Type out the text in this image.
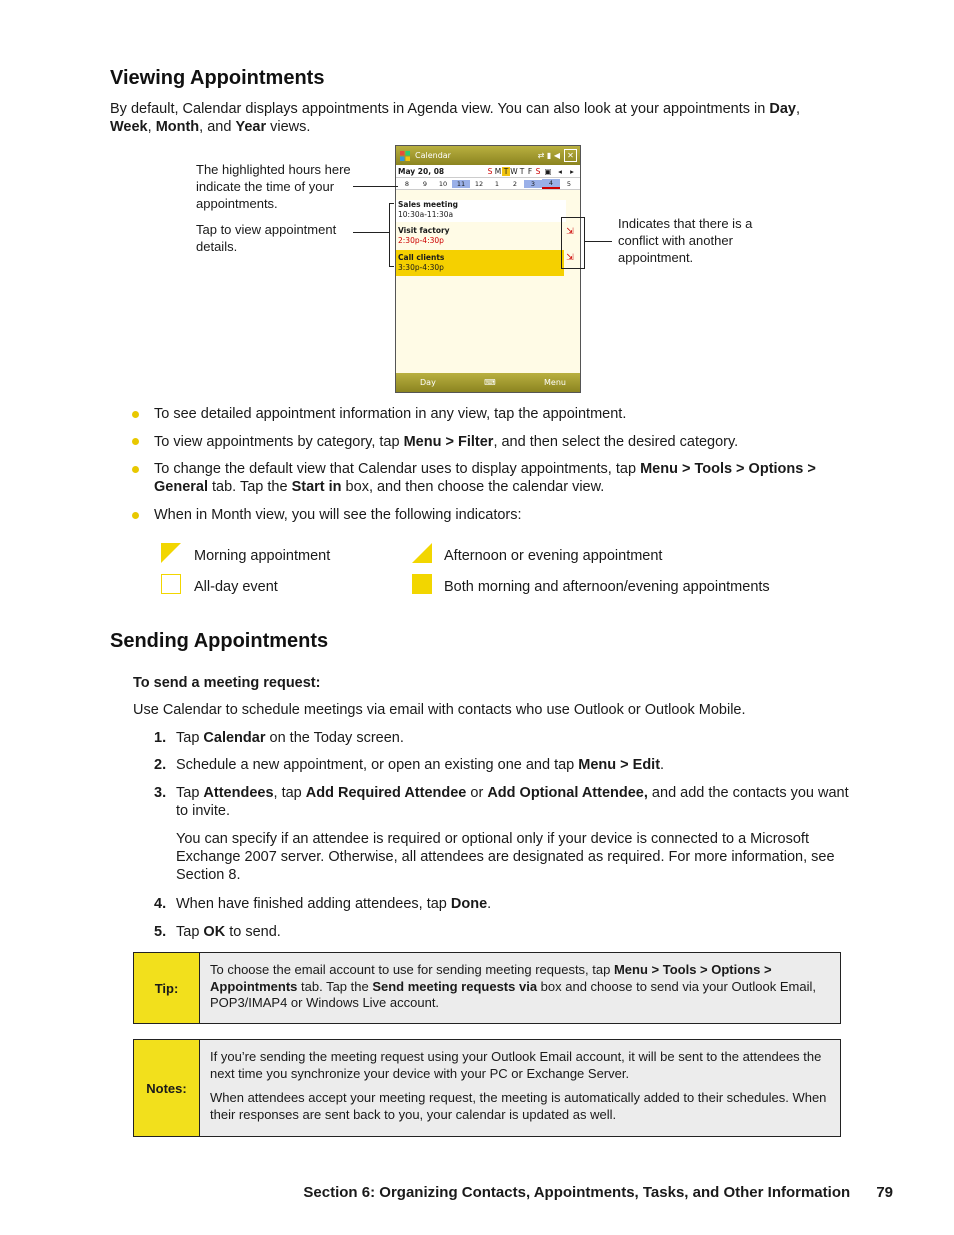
Viewing Appointments

By default, Calendar displays appointments in Agenda view. You can also look at your appointments in Day, Week, Month, and Year views.

Calendar	⇄ ▮ ◀ ✕
May 20, 08	S M T W T F S ▣ ◂	▸
8	9	10	11	12	1	2	3	4	5
Sales meeting
10:30a-11:30a
Visit factory
2:30p-4:30p
Call clients
3:30p-4:30p
⇲
⇲
Day	⌨	Menu
The highlighted hours here indicate the time of your appointments.
Tap to view appointment details.
Indicates that there is a conflict with another appointment.

To see detailed appointment information in any view, tap the appointment.

To view appointments by category, tap Menu > Filter, and then select the desired category.

To change the default view that Calendar uses to display appointments, tap Menu > Tools > Options > General tab. Tap the Start in box, and then choose the calendar view.

When in Month view, you will see the following indicators:

Morning appointment	Afternoon or evening appointment
All-day event	Both morning and afternoon/evening appointments
Sending Appointments

To send a meeting request:

Use Calendar to schedule meetings via email with contacts who use Outlook or Outlook Mobile.

1. Tap Calendar on the Today screen.

2. Schedule a new appointment, or open an existing one and tap Menu > Edit.

3. Tap Attendees, tap Add Required Attendee or Add Optional Attendee, and add the contacts you want to invite.

You can specify if an attendee is required or optional only if your device is connected to a Microsoft Exchange 2007 server. Otherwise, all attendees are designated as required. For more information, see Section 8.

4. When have finished adding attendees, tap Done.

5. Tap OK to send.

Tip:
To choose the email account to use for sending meeting requests, tap Menu > Tools > Options > Appointments tab. Tap the Send meeting requests via box and choose to send via your Outlook Email, POP3/IMAP4 or Windows Live account.
Notes:

If you’re sending the meeting request using your Outlook Email account, it will be sent to the attendees the next time you synchronize your device with your PC or Exchange Server.

When attendees accept your meeting request, the meeting is automatically added to their schedules. When their responses are sent back to you, your calendar is updated as well.

Section 6: Organizing Contacts, Appointments, Tasks, and Other Information 79
